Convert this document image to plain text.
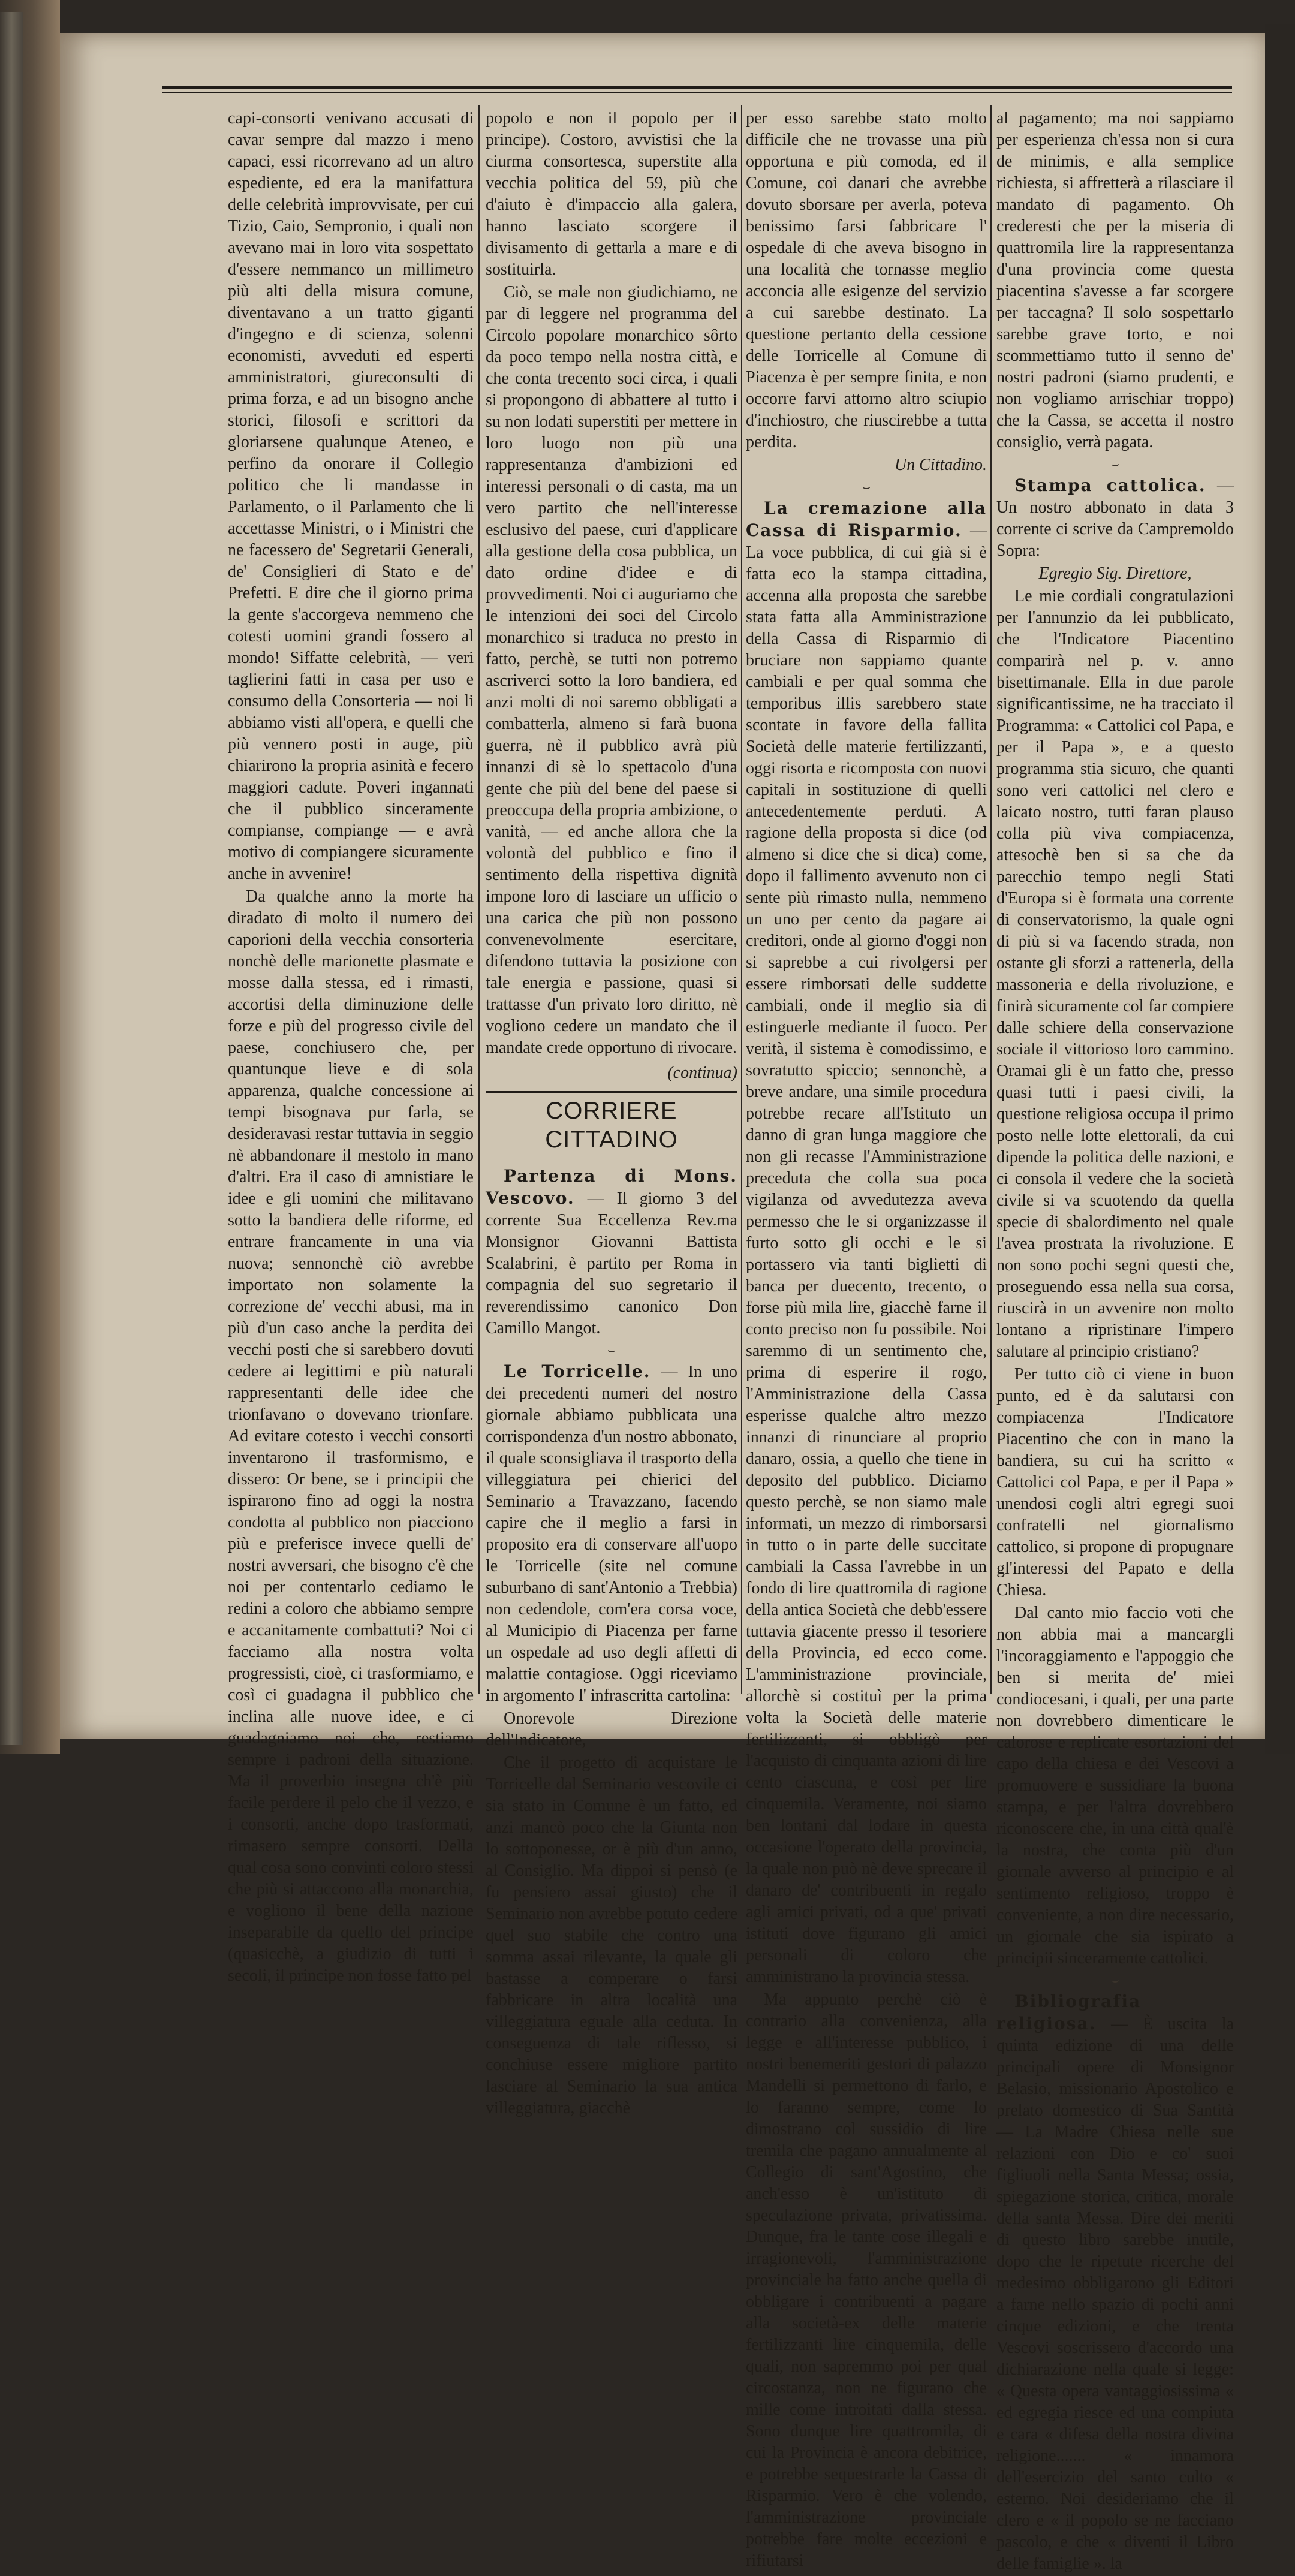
capi-consorti venivano accusati di cavar sempre dal mazzo i meno capaci, essi ricorrevano ad un altro espediente, ed era la manifattura delle celebrità improvvisate, per cui Tizio, Caio, Sempronio, i quali non avevano mai in loro vita sospettato d'essere nemmanco un millimetro più alti della misura comune, diventavano a un tratto giganti d'ingegno e di scienza, solenni economisti, avveduti ed esperti amministratori, giureconsulti di prima forza, e ad un bisogno anche storici, filosofi e scrittori da gloriarsene qualunque Ateneo, e perfino da onorare il Collegio politico che li mandasse in Parlamento, o il Parlamento che li accettasse Ministri, o i Ministri che ne facessero de' Segretarii Generali, de' Consiglieri di Stato e de' Prefetti. E dire che il giorno prima la gente s'accorgeva nemmeno che cotesti uomini grandi fossero al mondo! Siffatte celebrità, — veri taglierini fatti in casa per uso e consumo della Consorteria — noi li abbiamo visti all'opera, e quelli che più vennero posti in auge, più chiarirono la propria asinità e fecero maggiori cadute. Poveri ingannati che il pubblico sinceramente compianse, compiange — e avrà motivo di compiangere sicuramente anche in avvenire!

Da qualche anno la morte ha diradato di molto il numero dei caporioni della vecchia consorteria nonchè delle marionette plasmate e mosse dalla stessa, ed i rimasti, accortisi della diminuzione delle forze e più del progresso civile del paese, conchiusero che, per quantunque lieve e di sola apparenza, qualche concessione ai tempi bisognava pur farla, se desideravasi restar tuttavia in seggio nè abbandonare il mestolo in mano d'altri. Era il caso di amnistiare le idee e gli uomini che militavano sotto la bandiera delle riforme, ed entrare francamente in una via nuova; sennonchè ciò avrebbe importato non solamente la correzione de' vecchi abusi, ma in più d'un caso anche la perdita dei vecchi posti che si sarebbero dovuti cedere ai legittimi e più naturali rappresentanti delle idee che trionfavano o dovevano trionfare. Ad evitare cotesto i vecchi consorti inventarono il trasformismo, e dissero: Or bene, se i principii che ispirarono fino ad oggi la nostra condotta al pubblico non piacciono più e preferisce invece quelli de' nostri avversari, che bisogno c'è che noi per contentarlo cediamo le redini a coloro che abbiamo sempre e accanitamente combattuti? Noi ci facciamo alla nostra volta progressisti, cioè, ci trasformiamo, e così ci guadagna il pubblico che inclina alle nuove idee, e ci guadagniamo noi che, restiamo sempre i padroni della situazione. Ma il proverbio insegna ch'è più facile perdere il pelo che il vezzo, e i consorti, anche dopo trasformati, rimasero sempre consorti. Della qual cosa sono convinti coloro stessi che più si attaccono alla monarchia, e vogliono il bene della nazione inseparabile da quello del principe (quasicchè, a giudizio di tutti i secoli, il principe non fosse fatto pel

popolo e non il popolo per il principe). Costoro, avvistisi che la ciurma consortesca, superstite alla vecchia politica del 59, più che d'aiuto è d'impaccio alla galera, hanno lasciato scorgere il divisamento di gettarla a mare e di sostituirla.

Ciò, se male non giudichiamo, ne par di leggere nel programma del Circolo popolare monarchico sôrto da poco tempo nella nostra città, e che conta trecento soci circa, i quali si propongono di abbattere al tutto i su non lodati superstiti per mettere in loro luogo non più una rappresentanza d'ambizioni ed interessi personali o di casta, ma un vero partito che nell'interesse esclusivo del paese, curi d'applicare alla gestione della cosa pubblica, un dato ordine d'idee e di provvedimenti. Noi ci auguriamo che le intenzioni dei soci del Circolo monarchico si traduca no presto in fatto, perchè, se tutti non potremo ascriverci sotto la loro bandiera, ed anzi molti di noi saremo obbligati a combatterla, almeno si farà buona guerra, nè il pubblico avrà più innanzi di sè lo spettacolo d'una gente che più del bene del paese si preoccupa della propria ambizione, o vanità, — ed anche allora che la volontà del pubblico e fino il sentimento della rispettiva dignità impone loro di lasciare un ufficio o una carica che più non possono convenevolmente esercitare, difendono tuttavia la posizione con tale energia e passione, quasi si trattasse d'un privato loro diritto, nè vogliono cedere un mandato che il mandate crede opportuno di rivocare.

(continua)

CORRIERE CITTADINO

Partenza di Mons. Vescovo. — Il giorno 3 del corrente Sua Eccellenza Rev.ma Monsignor Giovanni Battista Scalabrini, è partito per Roma in compagnia del suo segretario il reverendissimo canonico Don Camillo Mangot.

⌣

Le Torricelle. — In uno dei precedenti numeri del nostro giornale abbiamo pubblicata una corrispondenza d'un nostro abbonato, il quale sconsigliava il trasporto della villeggiatura pei chierici del Seminario a Travazzano, facendo capire che il meglio a farsi in proposito era di conservare all'uopo le Torricelle (site nel comune suburbano di sant'Antonio a Trebbia) non cedendole, com'era corsa voce, al Municipio di Piacenza per farne un ospedale ad uso degli affetti di malattie contagiose. Oggi riceviamo in argomento l' infrascritta cartolina:

Onorevole Direzione dell'Indicatore,

Che il progetto di acquistare le Torricelle dal Seminario vescovile ci sia stato in Comune è un fatto, ed anzi mancò poco che la Giunta non lo sottoponesse, or è più d'un anno, al Consiglio. Ma dippoi si pensò (e fu pensiero assai giusto) che il Seminario non avrebbe potuto cedere quel suo stabile che contro una somma assai rilevante, la quale gli bastasse a comperare o farsi fabbricare in altra località una villeggiatura eguale alla ceduta. In conseguenza di tale riflesso, si conchiuse essere migliore partito lasciare al Seminario la sua antica villeggiatura, giacchè

per esso sarebbe stato molto difficile che ne trovasse una più opportuna e più comoda, ed il Comune, coi danari che avrebbe dovuto sborsare per averla, poteva benissimo farsi fabbricare l' ospedale di che aveva bisogno in una località che tornasse meglio acconcia alle esigenze del servizio a cui sarebbe destinato. La questione pertanto della cessione delle Torricelle al Comune di Piacenza è per sempre finita, e non occorre farvi attorno altro sciupio d'inchiostro, che riuscirebbe a tutta perdita.

Un Cittadino.

⌣

La cremazione alla Cassa di Risparmio. — La voce pubblica, di cui già si è fatta eco la stampa cittadina, accenna alla proposta che sarebbe stata fatta alla Amministrazione della Cassa di Risparmio di bruciare non sappiamo quante cambiali e per qual somma che temporibus illis sarebbero state scontate in favore della fallita Società delle materie fertilizzanti, oggi risorta e ricomposta con nuovi capitali in sostituzione di quelli antecedentemente perduti. A ragione della proposta si dice (od almeno si dice che si dica) come, dopo il fallimento avvenuto non ci sente più rimasto nulla, nemmeno un uno per cento da pagare ai creditori, onde al giorno d'oggi non si saprebbe a cui rivolgersi per essere rimborsati delle suddette cambiali, onde il meglio sia di estinguerle mediante il fuoco. Per verità, il sistema è comodissimo, e sovratutto spiccio; sennonchè, a breve andare, una simile procedura potrebbe recare all'Istituto un danno di gran lunga maggiore che non gli recasse l'Amministrazione preceduta che colla sua poca vigilanza od avvedutezza aveva permesso che le si organizzasse il furto sotto gli occhi e le si portassero via tanti biglietti di banca per duecento, trecento, o forse più mila lire, giacchè farne il conto preciso non fu possibile. Noi saremmo di un sentimento che, prima di esperire il rogo, l'Amministrazione della Cassa esperisse qualche altro mezzo innanzi di rinunciare al proprio danaro, ossia, a quello che tiene in deposito del pubblico. Diciamo questo perchè, se non siamo male informati, un mezzo di rimborsarsi in tutto o in parte delle succitate cambiali la Cassa l'avrebbe in un fondo di lire quattromila di ragione della antica Società che debb'essere tuttavia giacente presso il tesoriere della Provincia, ed ecco come. L'amministrazione provinciale, allorchè si costituì per la prima volta la Società delle materie fertilizzanti, si obbligò per l'acquisto di cinquanta azioni di lire cento ciascuna, e così per lire cinquemila. Veramente, noi siamo ben lontani dal lodare in questa occasione l'operato della provincia, la quale non può nè deve sprecare il danaro de' contribuenti in regalo agli amici privati, od a que' privati istituti dove figurano gli amici personali di coloro che amministrano la provincia stessa.

Ma appunto perchè ciò è contrario alla convenienza, alla legge e all'interesse pubblico, i nostri benemeriti gestori di palazzo Mandelli si permettono di farlo, e lo faranno sempre, come lo dimostrano col sussidio di lire tremila che pagano annualmente al Collegio di sant'Agostino, che anch'esso è un'istituto di speculazione privata, privatissima. Dunque, fra le tante cose illegali e irragionevoli, l'amministrazione provinciale ha fatto anche quella di obbligare i contribuenti a pagare alla società-ex delle materie fertilizzanti lire cinquemila, delle quali, non sapremmo poi per qual circostanza, non ne figurano che mille come introitati dalla stessa. Sono dunque lire quattromila, di cui la Provincia è ancora debitrice, e potrebbe sequestrarle la Cassa di Risparmio. Vero è che volendo, l'amministrazione provinciale potrebbe fare molte eccezioni e rifiutarsi

al pagamento; ma noi sappiamo per esperienza ch'essa non si cura de minimis, e alla semplice richiesta, si affretterà a rilasciare il mandato di pagamento. Oh crederesti che per la miseria di quattromila lire la rappresentanza d'una provincia come questa piacentina s'avesse a far scorgere per taccagna? Il solo sospettarlo sarebbe grave torto, e noi scommettiamo tutto il senno de' nostri padroni (siamo prudenti, e non vogliamo arrischiar troppo) che la Cassa, se accetta il nostro consiglio, verrà pagata.

⌣

Stampa cattolica. — Un nostro abbonato in data 3 corrente ci scrive da Campremoldo Sopra:

Egregio Sig. Direttore,

Le mie cordiali congratulazioni per l'annunzio da lei pubblicato, che l'Indicatore Piacentino comparirà nel p. v. anno bisettimanale. Ella in due parole significantissime, ne ha tracciato il Programma: « Cattolici col Papa, e per il Papa », e a questo programma stia sicuro, che quanti sono veri cattolici nel clero e laicato nostro, tutti faran plauso colla più viva compiacenza, attesochè ben si sa che da parecchio tempo negli Stati d'Europa si è formata una corrente di conservatorismo, la quale ogni di più si va facendo strada, non ostante gli sforzi a rattenerla, della massoneria e della rivoluzione, e finirà sicuramente col far compiere dalle schiere della conservazione sociale il vittorioso loro cammino. Oramai gli è un fatto che, presso quasi tutti i paesi civili, la questione religiosa occupa il primo posto nelle lotte elettorali, da cui dipende la politica delle nazioni, e ci consola il vedere che la società civile si va scuotendo da quella specie di sbalordimento nel quale l'avea prostrata la rivoluzione. E non sono pochi segni questi che, proseguendo essa nella sua corsa, riuscirà in un avvenire non molto lontano a ripristinare l'impero salutare al principio cristiano?

Per tutto ciò ci viene in buon punto, ed è da salutarsi con compiacenza l'Indicatore Piacentino che con in mano la bandiera, su cui ha scritto « Cattolici col Papa, e per il Papa » unendosi cogli altri egregi suoi confratelli nel giornalismo cattolico, si propone di propugnare gl'interessi del Papato e della Chiesa.

Dal canto mio faccio voti che non abbia mai a mancargli l'incoraggiamento e l'appoggio che ben si merita de' miei condiocesani, i quali, per una parte non dovrebbero dimenticare le calorose e replicate esortazioni del capo della chiesa e dei Vescovi a promuovere e sussidiare la buona stampa, e per l'altra dovrebbero riconoscere che, in una città qual'è la nostra, che conta più d'un giornale avverso al principio e al sentimento religioso, troppo è conveniente, a non dire necessario, un giornale che sia ispirato a principii sinceramente cattolici.

⌣

Bibliografia religiosa. — È uscita la quinta edizione di una delle principali opere di Monsignor Belasio, missionario Apostolico e prelato domestico di Sua Santità — La Madre Chiesa nelle sue relazioni con Dio e co' suoi figliuoli nella Santa Messa; ossia, spiegazione storica, critica, morale della santa Messa. Dire dei meriti di questo libro sarebbe inutile, dopo che le ripetute ricerche del medesimo obbligarono gli Editori a farne nello spazio di pochi anni cinque edizioni, e che trenta Vescovi soscrissero d'accordo una dichiarazione nella quale si legge: « Questa opera vantaggiosissima « ed egregia riesce ed una compiuta e cara « difesa della nostra divina religione....... « innamora dell'esercizio del santo culto « esterno. Noi desideriamo che il clero e « il popolo se ne facciano pascolo, e che « diventi il Libro delle famiglie ». la
